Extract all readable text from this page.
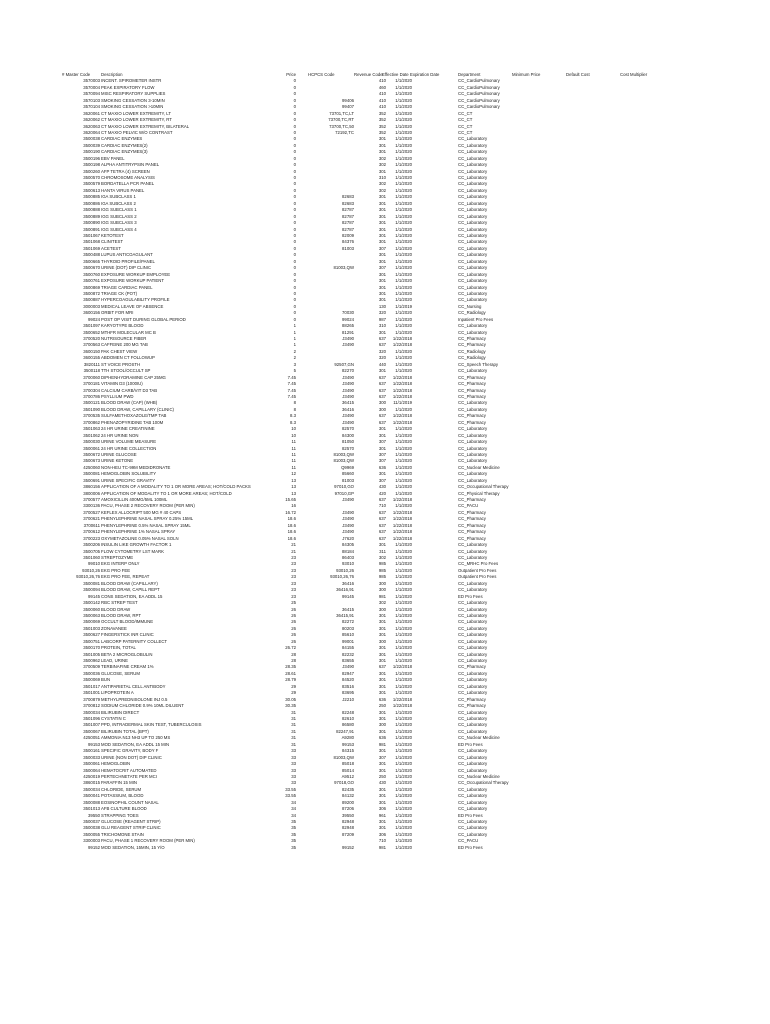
# Master Code	Description	Price	HCPCS Code	Revenue Code Effective Date Expiration Date	Department	Minimum Price	Default Cost	Cost Multiplier
3570003 INCENT. SPIROMETER INSTR	0	410	1/1/2020	CC_CardioPulmonary
3570004 PEAK EXPIRATORY FLOW	0	460	1/1/2020	CC_CardioPulmonary
3570094 MISC RESPIRATORY SUPPLIES	0	410	1/1/2020	CC_CardioPulmonary
3570103 SMOKING CESSATION 3-10MIN	0	99406	410	1/1/2020	CC_CardioPulmonary
3570104 SMOKING CESSATION >10MIN	0	99407	410	1/1/2020	CC_CardioPulmonary
3620061 CT MAXIO LOWER EXTREMITY, LT	0	73701,TC,LT	352	1/1/2020	CC_CT
3620062 CT MAXIO LOWER EXTREMITY, RT	0	73700,TC,RT	352	1/1/2020	CC_CT
3620063 CT MAXIO LOWER EXTREMITY, BILATERAL	0	73700,TC,50	352	1/1/2020	CC_CT
3620064 CT MAXIO PELVIC W/O CONTRAST	0	72192,TC	352	1/1/2020	CC_CT
3500038 CARDIAC ENZYMES	0	301	1/1/2020	CC_Laboratory
3500039 CARDIAC ENZYMES(2)	0	301	1/1/2020	CC_Laboratory
3500190 CARDIAC ENZYMES(3)	0	301	1/1/2020	CC_Laboratory
3500196 EBV PANEL	0	302	1/1/2020	CC_Laboratory
3500198 ALPHA ANTITRYPSIN PANEL	0	302	1/1/2020	CC_Laboratory
3500260 AFP TETRA (4) SCREEN	0	301	1/1/2020	CC_Laboratory
3500570 CHROMOSOME ANALYSIS	0	310	1/1/2020	CC_Laboratory
3500579 BORDATELLA PCR PANEL	0	302	1/1/2020	CC_Laboratory
3500613 HANTA VIRUS PANEL	0	302	1/1/2020	CC_Laboratory
3500885 IGA SUBCLASS 1	0	82683	301	1/1/2020	CC_Laboratory
3500886 IGA SUBCLASS 2	0	82683	301	1/1/2020	CC_Laboratory
3500888 IGG SUBCLASS 1	0	82787	301	1/1/2020	CC_Laboratory
3500889 IGG SUBCLASS 2	0	82787	301	1/1/2020	CC_Laboratory
3500890 IGG SUBCLASS 3	0	82787	301	1/1/2020	CC_Laboratory
3500891 IGG SUBCLASS 4	0	82787	301	1/1/2020	CC_Laboratory
3501067 KETOTEST	0	82009	301	1/1/2020	CC_Laboratory
3501068 CLINITEST	0	84376	301	1/1/2020	CC_Laboratory
3501069 ACETEST	0	81003	307	1/1/2020	CC_Laboratory
3500488 LUPUS ANTICOAGULANT	0	301	1/1/2020	CC_Laboratory
3500665 THYROID PROFILE/PANEL	0	301	1/1/2020	CC_Laboratory
3500670 URINE (DOT) DIP CLINIC	0	81003,QW	307	1/1/2020	CC_Laboratory
3500760 EXPOSURE WORKUP EMPLOYEE	0	301	1/1/2020	CC_Laboratory
3500761 EXPOSURE WORKUP PATIENT	0	301	1/1/2020	CC_Laboratory
3500869 TRIAGE CARDIAC PANEL	0	301	1/1/2020	CC_Laboratory
3500872 TRIAGE CK (POT)	0	301	1/1/2020	CC_Laboratory
3500887 HYPERCOAGULABILITY PROFILE	0	301	1/1/2020	CC_Laboratory
3000003 MEDICAL LEAVE OF ABSENCE	0	130	1/1/2019	CC_Nursing
3600156 ORBIT FOR MRI	0	70030	320	1/1/2020	CC_Radiology
99024 POST OP VISIT DURING GLOBAL PERIOD	0	99024	987	1/1/2020	Inpatient Pro Fees
3501097 KARYOTYPE BLOOD	1	88265	310	1/1/2020	CC_Laboratory
3500652 MTHFR MOLECULAR MC B	1	81291	301	1/1/2020	CC_Laboratory
3700520 NUTRISOURCE FIBER	1	J3490	637	1/22/2018	CC_Pharmacy
3700563 CAFFEINE 200 MG TAB	1	J3490	637	1/22/2018	CC_Pharmacy
3600150 PAK CHEST VIEW	2	320	1/1/2020	CC_Radiology
3600155 ABDOMEN CT FOLLOWUP	2	320	1/1/2020	CC_Radiology
3820111 ST VOICE PROSTH	3	92507,GN	440	1/1/2020	CC_Speech Therapy
3500118 TTH STOOL/OCCULT SP	5	82270	301	1/1/2020	CC_Laboratory
3700060 DIPHENHYDRAMINE CAP 25MG	7.45	J3490	637	1/22/2018	CC_Pharmacy
3700181 VITAMIN D3 (1000IU)	7.45	J3490	637	1/22/2018	CC_Pharmacy
3700304 CALCIUM CARB/VIT D3 TAB	7.45	J3490	637	1/22/2018	CC_Pharmacy
3700786 PSYLLIUM PWD	7.45	J3490	637	1/22/2018	CC_Pharmacy
3500121 BLOOD DRAW (CAP) (WHB)	8	36415	300	11/1/2019	CC_Laboratory
3501090 BLOOD DRAW, CAPILLARY (CLINIC)	8	36416	300	1/1/2020	CC_Laboratory
3700535 SULFAMETHOXAZOLE/TMP TAB	8.3	J3490	637	1/22/2018	CC_Pharmacy
3700862 PHENAZOPYRIDINE TAB 100M	8.3	J3490	637	1/22/2018	CC_Pharmacy
3501063 24 HR URINE CREATININE	10	82570	301	1/1/2020	CC_Laboratory
3501062 24 HR URINE NON	10	84300	301	1/1/2020	CC_Laboratory
3500030 URINE VOLUME MEASURE	11	81050	307	1/1/2020	CC_Laboratory
3500061 24 HR URINE COLLECTION	11	82570	301	1/1/2020	CC_Laboratory
3500672 URINE GLUCOSE	11	81003,QW	307	1/1/2020	CC_Laboratory
3500673 URINE KETONE	11	81003,QW	307	1/1/2020	CC_Laboratory
4250060 NON-HEU TC-99M MEDIDRONATE	11	Q9969	636	1/1/2020	CC_Nuclear Medicine
3500081 HEMOGLOBIN SOLUBILITY	12	85660	301	1/1/2020	CC_Laboratory
3500691 URINE SPECIFIC GRAVITY	13	81003	307	1/1/2020	CC_Laboratory
3860156 APPLICATION OF A MODALITY TO 1 OR MORE AREAS; HOT/COLD PACKS	13	97010,GO	430	1/1/2020	CC_Occupational Therapy
3800006 APPLICATION OF MODALITY TO 1 OR MORE AREAS; HOT/COLD	13	97010,GP	420	1/1/2020	CC_Physical Therapy
3700577 AMOXICILLIN 400MG/5ML 100ML	15.65	J3490	637	1/22/2018	CC_Pharmacy
3300136 PACU, PHASE 2 RECOVERY ROOM (PER MIN)	16	710	1/1/2020	CC_PACU
3700527 KEFLEX ALLOCRIPT 500 MG # 40 CAPS	16.72	J3490	637	1/22/2018	CC_Pharmacy
3700621 PHENYLEPHRINE NASAL SPRAY 0.25% 15ML	18.6	J3490	637	1/22/2018	CC_Pharmacy
3700611 PHENYLEPHRINE 0.5% NASAL SPRAY 15ML	18.6	J3490	637	1/22/2018	CC_Pharmacy
3700612 PHENYLEPHRINE 1% NASAL SPRAY	18.6	J3490	637	1/22/2018	CC_Pharmacy
3700223 OXYMETAZOLINE 0.05% NASAL SOLN	18.6	J7620	637	1/22/2018	CC_Pharmacy
3500206 INSULIN LIKE GROWTH FACTOR 1	21	84305	301	1/1/2020	CC_Laboratory
3500705 FLOW CYTOMETRY LST MARK	21	88184	311	1/1/2020	CC_Laboratory
3501060 STREPTOZYME	23	86403	302	1/1/2020	CC_Laboratory
99010 EKG INTERP ONLY	23	93010	985	1/1/2020	CC_MRHC Pro Fees
93010,26 EKG PRO FEE	23	93010,26	985	1/1/2020	Outpatient Pro Fees
93010,26,76 EKG PRO FEE, REPEAT	23	93010,26,76	985	1/1/2020	Outpatient Pro Fees
3500081 BLOOD DRAW (CAPILLARY)	23	36416	300	1/1/2020	CC_Laboratory
3500094 BLOOD DRAW, CAPILL REPT	23	36416,91	300	1/1/2020	CC_Laboratory
99145 CONS SEDATION, EA ADDL 15	23	99145	981	1/1/2020	ED Pro Fees
3500142 RBC STREP TEST	25	302	1/1/2020	CC_Laboratory
3500060 BLOOD DRAW	26	36415	300	1/1/2020	CC_Laboratory
3500063 BLOOD DRAW, RPT	26	36415,91	301	1/1/2020	CC_Laboratory
3500069 OCCULT BLOOD/IMMUNE	26	82272	301	1/1/2020	CC_Laboratory
3501003 ZONAVANEE	26	80203	301	1/1/2020	CC_Laboratory
3500627 FINGERSTICK INR CLINIC	26	85610	301	1/1/2020	CC_Laboratory
3500751 LABCORP PATERNITY COLLECT	26	99001	300	1/1/2020	CC_Laboratory
3500170 PROTEIN, TOTAL	26.72	84155	301	1/1/2020	CC_Laboratory
3501005 BETA 2 MICROGLOBULIN	28	82232	301	1/1/2020	CC_Laboratory
3500962 LEAD, URINE	28	83655	301	1/1/2020	CC_Laboratory
3700509 TERBINAFINE CREAM 1%	28.35	J3490	637	1/22/2018	CC_Pharmacy
3500036 GLUCOSE, SERUM	28.61	82947	301	1/1/2020	CC_Laboratory
3500069 BUN	28.79	84520	301	1/1/2020	CC_Laboratory
3501017 ANTIPARIETAL CELL ANTIBODY	29	83516	301	1/1/2020	CC_Laboratory
3501001 LIPOPROTEIN A	29	83695	301	1/1/2020	CC_Laboratory
3700879 METHYLPREDNISOLONE INJ 0.5	30.05	J2210	636	1/22/2018	CC_Pharmacy
3700812 SODIUM CHLORIDE 0.9% 10ML DILUENT	30.35	250	1/22/2018	CC_Pharmacy
3500034 BILIRUBIN DIRECT	31	82248	301	1/1/2020	CC_Laboratory
3501096 CYSTATIN C	31	82610	301	1/1/2020	CC_Laboratory
3501007 PPD, INTRADERMAL SKIN TEST, TUBERCULOSIS	31	86580	300	1/1/2020	CC_Laboratory
3500067 BILIRUBIN TOTAL (BPT)	31	82247,91	301	1/1/2020	CC_Laboratory
4250051 AMMONIA N13 NH3 UP TO 250 MS	31	A9280	636	1/1/2020	CC_Nuclear Medicine
99153 MOD SEDATION, EA ADDL 15 MIN	31	99153	981	1/1/2020	ED Pro Fees
3500161 SPECIFIC GRAVITY, BODY F	33	84315	301	1/1/2020	CC_Laboratory
3500033 URINE (NON DOT) DIP CLINIC	33	81003,QW	307	1/1/2020	CC_Laboratory
3500061 HEMOGLOBIN	33	85018	301	1/1/2020	CC_Laboratory
3500064 HEMATOCRIT AUTOMATED	33	85014	301	1/1/2020	CC_Laboratory
4250019 PERTECHNETATE PER MCI	33	A9512	250	1/1/2020	CC_Nuclear Medicine
3860015 PARAFFIN 15 MIN	33	97018,GO	430	1/1/2020	CC_Occupational Therapy
3500034 CHLORIDE, SERUM	33.55	82435	301	1/1/2020	CC_Laboratory
3500041 POTASSIUM, BLOOD	33.55	84132	301	1/1/2020	CC_Laboratory
3500088 EOSINOPHIL COUNT NASAL	34	89200	301	1/1/2020	CC_Laboratory
3501013 AFB CULTURE BLOOD	34	87206	306	1/1/2020	CC_Laboratory
39550 STRAPPING TOES	34	39550	961	1/1/2020	ED Pro Fees
3500037 GLUCOSE (REAGENT STRIP)	35	82948	301	1/1/2020	CC_Laboratory
3500038 GLU REAGENT STRIP CLINIC	35	82948	301	1/1/2020	CC_Laboratory
3500055 TRICHOMONE STAIN	35	87209	306	1/1/2020	CC_Laboratory
3300003 PACU, PHASE 1 RECOVERY ROOM (PER MIN)	35	710	1/1/2020	CC_PACU
99152 MOD SEDATION, 15MIN, 15 Y/O	35	99152	981	1/1/2020	ED Pro Fees
